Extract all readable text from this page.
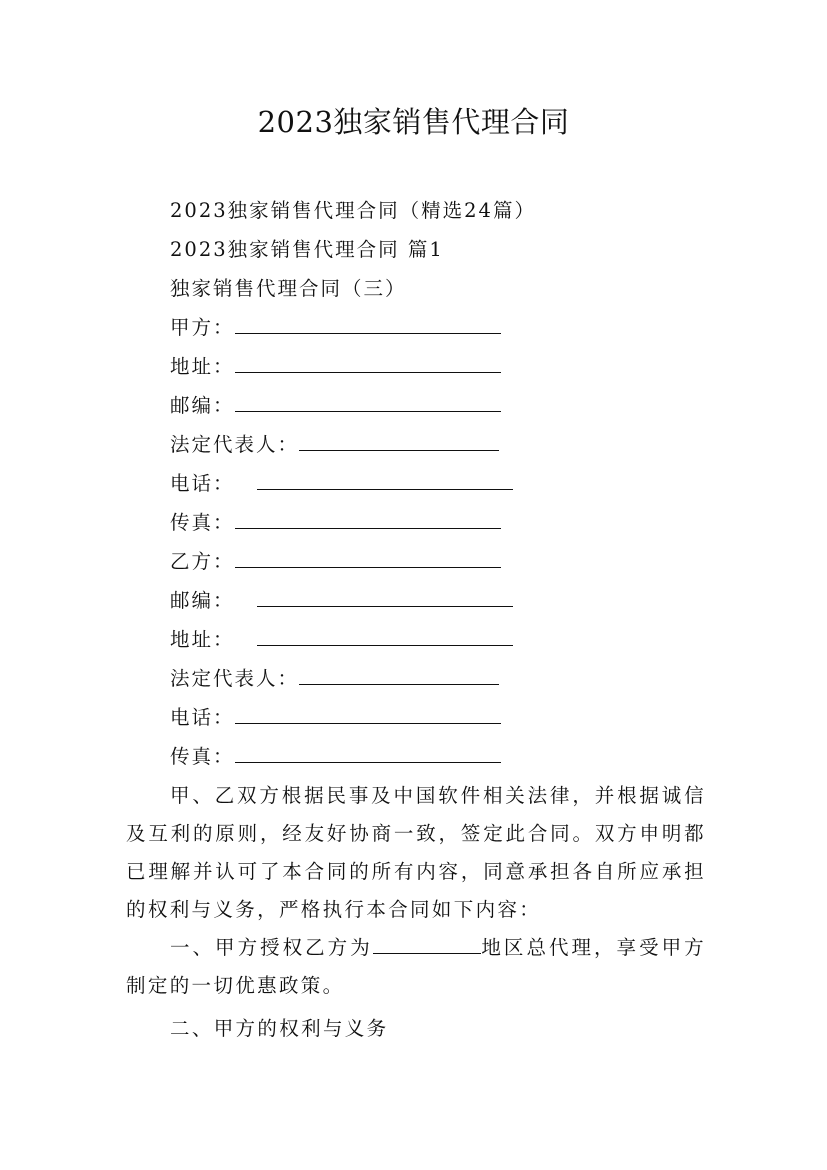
2023独家销售代理合同
2023独家销售代理合同（精选24篇）
2023独家销售代理合同 篇1
独家销售代理合同（三）
甲方：
地址：
邮编：
法定代表人：
电话：
传真：
乙方：
邮编：
地址：
法定代表人：
电话：
传真：

甲、乙双方根据民事及中国软件相关法律，并根据诚信及互利的原则，经友好协商一致，签定此合同。双方申明都已理解并认可了本合同的所有内容，同意承担各自所应承担的权利与义务，严格执行本合同如下内容：

一、甲方授权乙方为	地区总代理，享受甲方制定的一切优惠政策。

二、甲方的权利与义务
